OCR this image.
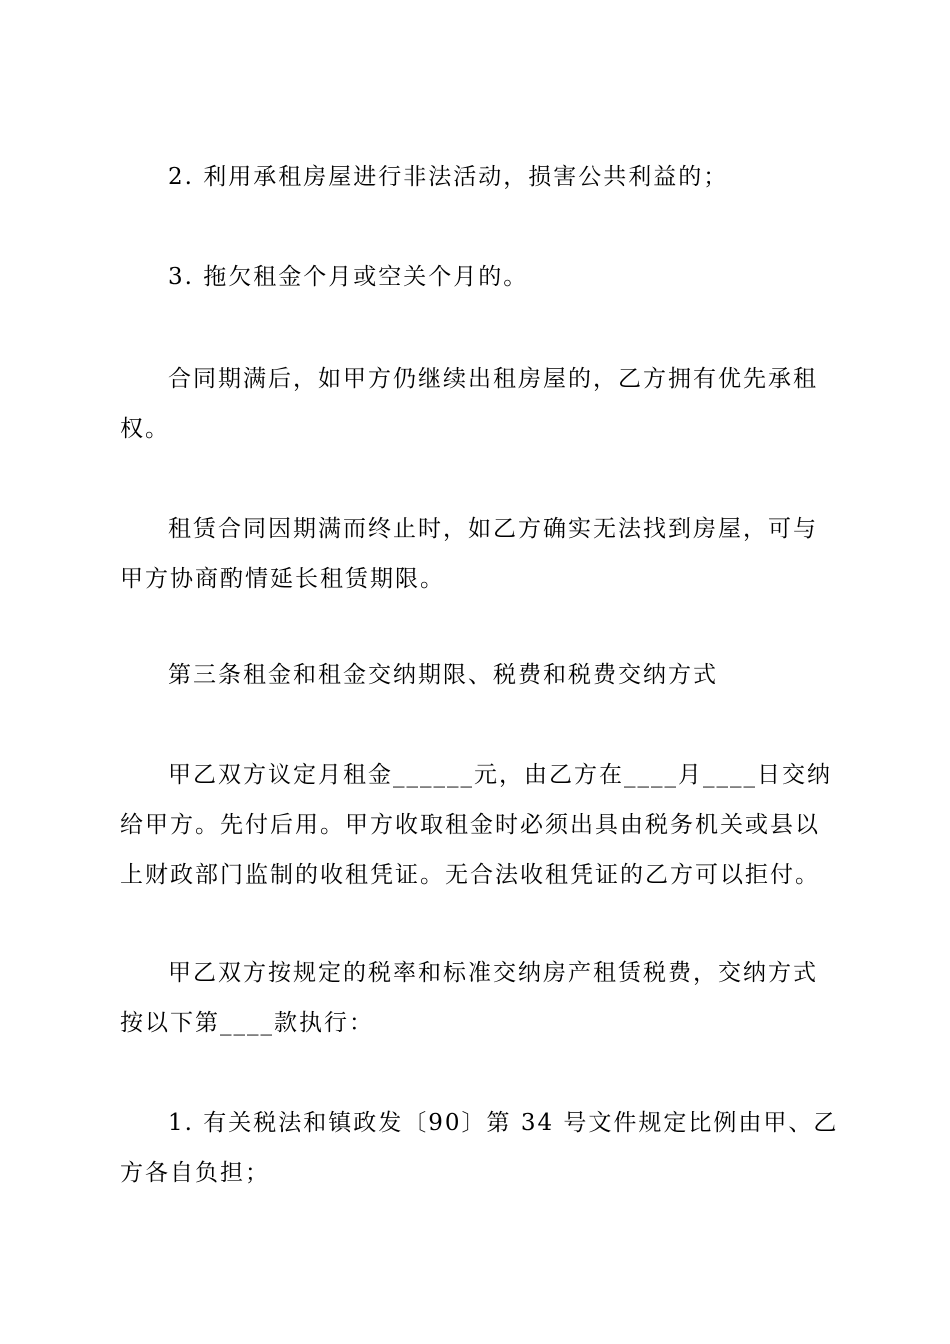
2. 利用承租房屋进行非法活动，损害公共利益的；

3. 拖欠租金个月或空关个月的。

合同期满后，如甲方仍继续出租房屋的，乙方拥有优先承租权。

租赁合同因期满而终止时，如乙方确实无法找到房屋，可与甲方协商酌情延长租赁期限。

第三条租金和租金交纳期限、税费和税费交纳方式

甲乙双方议定月租金______元，由乙方在____月____日交纳给甲方。先付后用。甲方收取租金时必须出具由税务机关或县以上财政部门监制的收租凭证。无合法收租凭证的乙方可以拒付。

甲乙双方按规定的税率和标准交纳房产租赁税费，交纳方式按以下第____款执行：

1. 有关税法和镇政发〔90〕第 34 号文件规定比例由甲、乙方各自负担；
